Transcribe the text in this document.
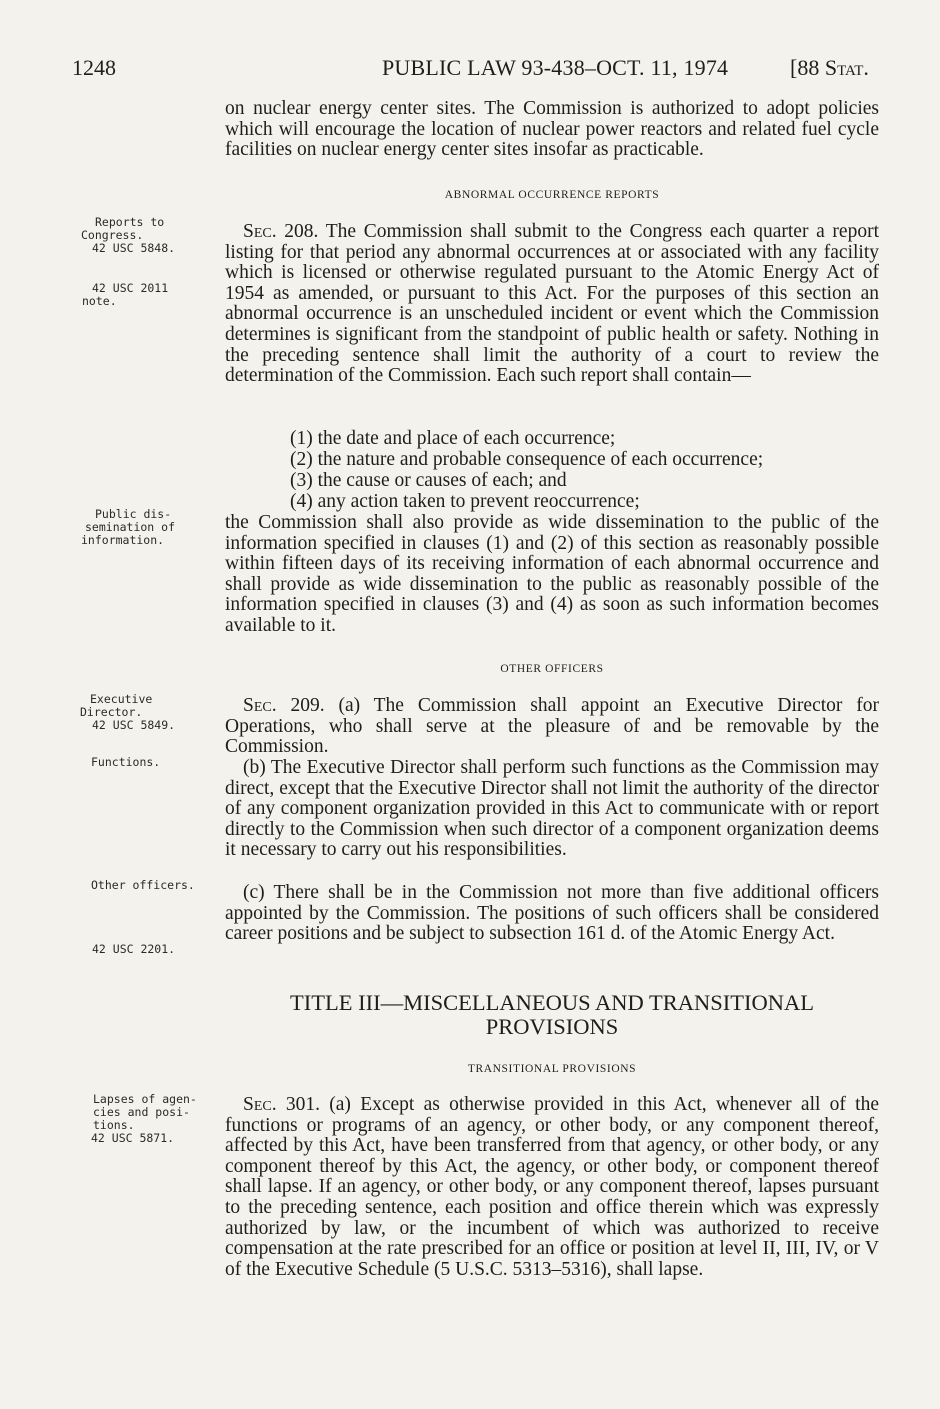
1248	PUBLIC LAW 93-438–OCT. 11, 1974	[88 Stat.
on nuclear energy center sites. The Commission is authorized to adopt policies which will encourage the location of nuclear power reactors and related fuel cycle facilities on nuclear energy center sites insofar as practicable.
ABNORMAL OCCURRENCE REPORTS
Sec. 208. The Commission shall submit to the Congress each quarter a report listing for that period any abnormal occurrences at or associated with any facility which is licensed or otherwise regulated pursuant to the Atomic Energy Act of 1954 as amended, or pursuant to this Act. For the purposes of this section an abnormal occurrence is an unscheduled incident or event which the Commission determines is significant from the standpoint of public health or safety. Nothing in the preceding sentence shall limit the authority of a court to review the determination of the Commission. Each such report shall contain—
(1) the date and place of each occurrence;
(2) the nature and probable consequence of each occurrence;
(3) the cause or causes of each; and
(4) any action taken to prevent reoccurrence;
the Commission shall also provide as wide dissemination to the public of the information specified in clauses (1) and (2) of this section as reasonably possible within fifteen days of its receiving information of each abnormal occurrence and shall provide as wide dissemination to the public as reasonably possible of the information specified in clauses (3) and (4) as soon as such information becomes available to it.
OTHER OFFICERS
Sec. 209. (a) The Commission shall appoint an Executive Director for Operations, who shall serve at the pleasure of and be removable by the Commission.
(b) The Executive Director shall perform such functions as the Commission may direct, except that the Executive Director shall not limit the authority of the director of any component organization provided in this Act to communicate with or report directly to the Commission when such director of a component organization deems it necessary to carry out his responsibilities.
(c) There shall be in the Commission not more than five additional officers appointed by the Commission. The positions of such officers shall be considered career positions and be subject to subsection 161 d. of the Atomic Energy Act.
TITLE III—MISCELLANEOUS AND TRANSITIONAL
PROVISIONS
TRANSITIONAL PROVISIONS
Sec. 301. (a) Except as otherwise provided in this Act, whenever all of the functions or programs of an agency, or other body, or any component thereof, affected by this Act, have been transferred from that agency, or other body, or any component thereof by this Act, the agency, or other body, or component thereof shall lapse. If an agency, or other body, or any component thereof, lapses pursuant to the preceding sentence, each position and office therein which was expressly authorized by law, or the incumbent of which was authorized to receive compensation at the rate prescribed for an office or position at level II, III, IV, or V of the Executive Schedule (5 U.S.C. 5313–5316), shall lapse.
Reports to
Congress.
42 USC 5848.
42 USC 2011
note.
Public dis-
semination of
information.
Executive
Director.
42 USC 5849.
Functions.
Other officers.
42 USC 2201.
Lapses of agen-
cies and posi-
tions.
42 USC 5871.
